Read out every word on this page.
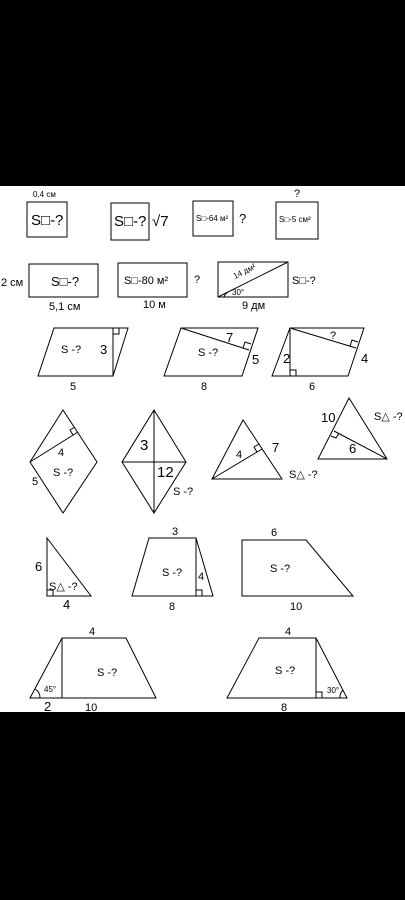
0,4 см
S□-?	S□-? √7	S□-64 м² ?
?
S□-5 см²
2 см S□-?
5,1 см
S□-80 м² ?
10 м
14 дм²
30°
9 дм
S□-?
S -? 3
5
S -?
7
5
8
?
2	4
6
4
S -?
5
3
12
S -?
4 7
S△ -?
10	S△ -?
6
6
S△ -?
4
3
S -? 4
8
6
S -?
10
4
S -?
45°
2	10
4
S -?
30°
8
